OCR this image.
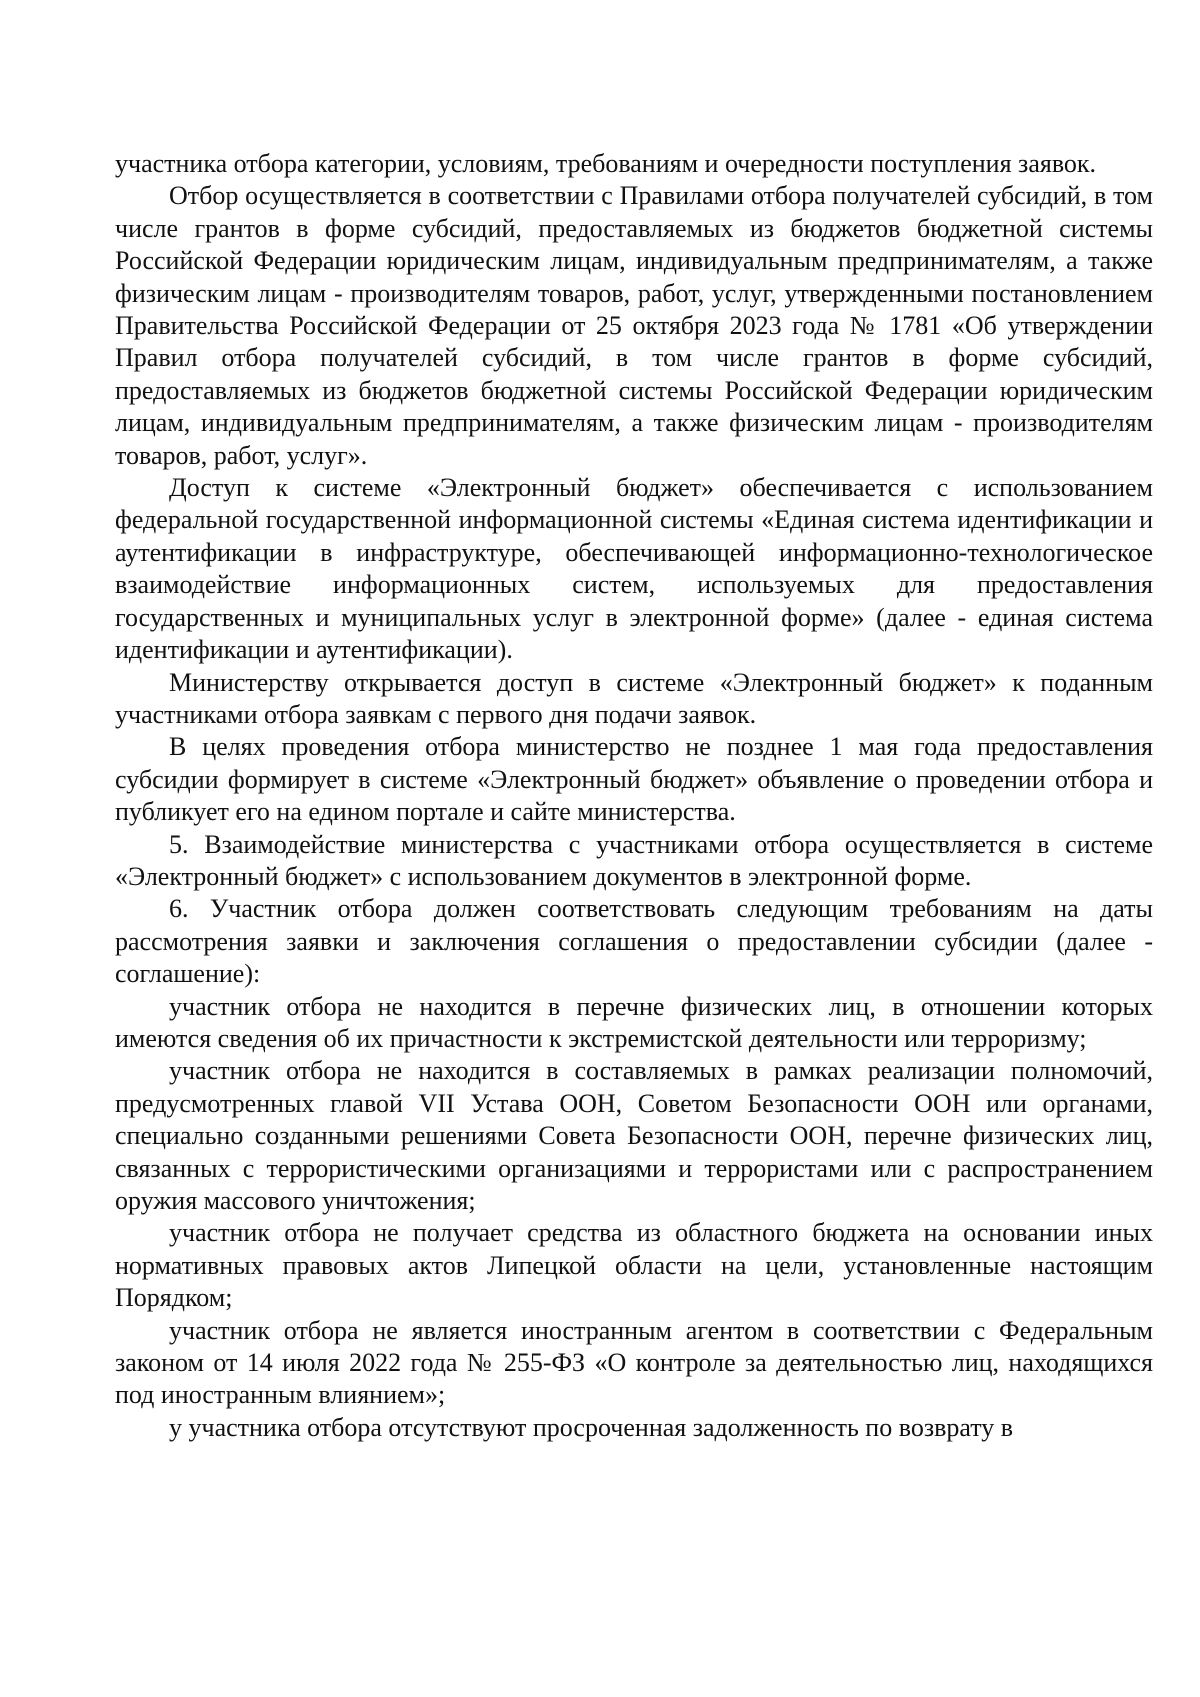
участника отбора категории, условиям, требованиям и очередности поступления заявок.

Отбор осуществляется в соответствии с Правилами отбора получателей субсидий, в том числе грантов в форме субсидий, предоставляемых из бюджетов бюджетной системы Российской Федерации юридическим лицам, индивидуальным предпринимателям, а также физическим лицам - производителям товаров, работ, услуг, утвержденными постановлением Правительства Российской Федерации от 25 октября 2023 года № 1781 «Об утверждении Правил отбора получателей субсидий, в том числе грантов в форме субсидий, предоставляемых из бюджетов бюджетной системы Российской Федерации юридическим лицам, индивидуальным предпринимателям, а также физическим лицам - производителям товаров, работ, услуг».

Доступ к системе «Электронный бюджет» обеспечивается с использованием федеральной государственной информационной системы «Единая система идентификации и аутентификации в инфраструктуре, обеспечивающей информационно-технологическое взаимодействие информационных систем, используемых для предоставления государственных и муниципальных услуг в электронной форме» (далее - единая система идентификации и аутентификации).

Министерству открывается доступ в системе «Электронный бюджет» к поданным участниками отбора заявкам с первого дня подачи заявок.

В целях проведения отбора министерство не позднее 1 мая года предоставления субсидии формирует в системе «Электронный бюджет» объявление о проведении отбора и публикует его на едином портале и сайте министерства.

5. Взаимодействие министерства с участниками отбора осуществляется в системе «Электронный бюджет» с использованием документов в электронной форме.

6. Участник отбора должен соответствовать следующим требованиям на даты рассмотрения заявки и заключения соглашения о предоставлении субсидии (далее - соглашение):

участник отбора не находится в перечне физических лиц, в отношении которых имеются сведения об их причастности к экстремистской деятельности или терроризму;

участник отбора не находится в составляемых в рамках реализации полномочий, предусмотренных главой VII Устава ООН, Советом Безопасности ООН или органами, специально созданными решениями Совета Безопасности ООН, перечне физических лиц, связанных с террористическими организациями и террористами или с распространением оружия массового уничтожения;

участник отбора не получает средства из областного бюджета на основании иных нормативных правовых актов Липецкой области на цели, установленные настоящим Порядком;

участник отбора не является иностранным агентом в соответствии с Федеральным законом от 14 июля 2022 года № 255-ФЗ «О контроле за деятельностью лиц, находящихся под иностранным влиянием»;

у участника отбора отсутствуют просроченная задолженность по возврату в
